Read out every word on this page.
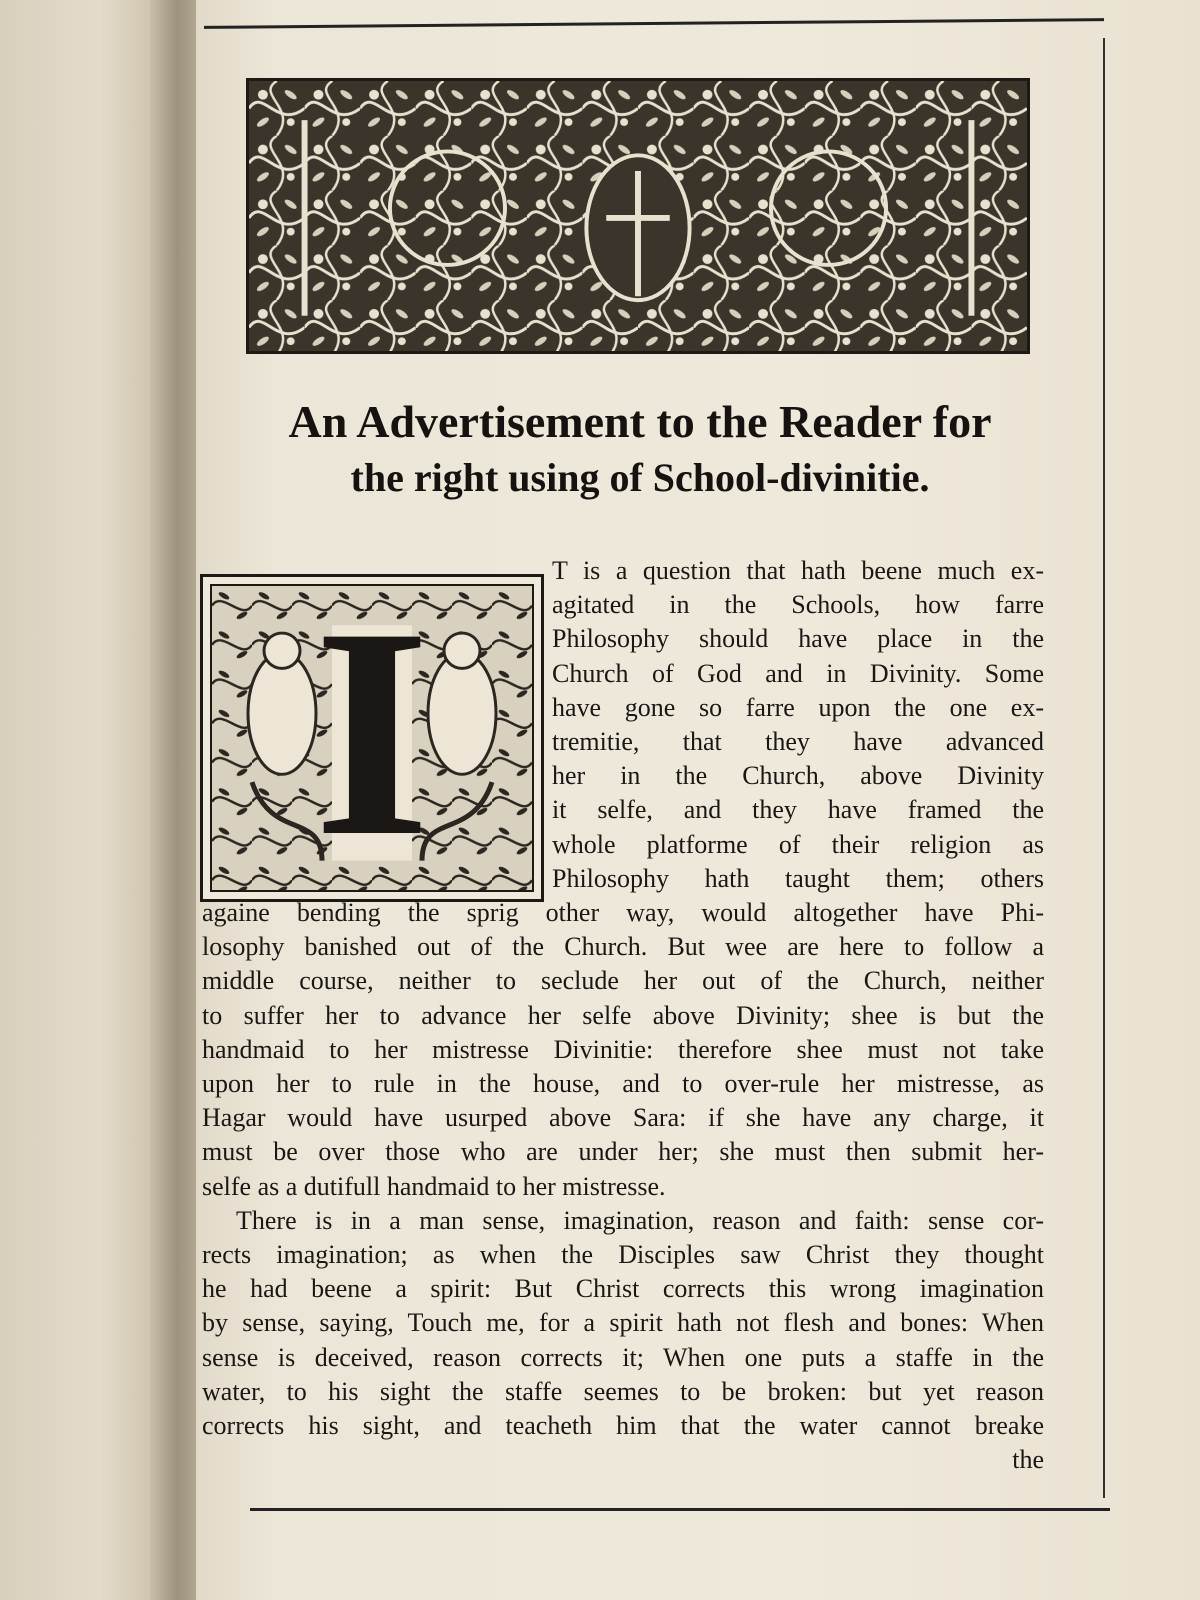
An Advertisement to the Reader for
the right using of School-divinitie.
I	T is a question that hath beene much ex-
agitated in the Schools, how farre
Philosophy should have place in the
Church of God and in Divinity. Some
have gone so farre upon the one ex-
tremitie, that they have advanced
her in the Church, above Divinity
it selfe, and they have framed the
whole platforme of their religion as
Philosophy hath taught them; others
againe bending the sprig other way, would altogether have Phi-
losophy banished out of the Church. But wee are here to follow a
middle course, neither to seclude her out of the Church, neither
to suffer her to advance her selfe above Divinity; shee is but the
handmaid to her mistresse Divinitie: therefore shee must not take
upon her to rule in the house, and to over-rule her mistresse, as
Hagar would have usurped above Sara: if she have any charge, it
must be over those who are under her; she must then submit her-
selfe as a dutifull handmaid to her mistresse.
There is in a man sense, imagination, reason and faith: sense cor-
rects imagination; as when the Disciples saw Christ they thought
he had beene a spirit: But Christ corrects this wrong imagination
by sense, saying, Touch me, for a spirit hath not flesh and bones: When
sense is deceived, reason corrects it; When one puts a staffe in the
water, to his sight the staffe seemes to be broken: but yet reason
corrects his sight, and teacheth him that the water cannot breake
the
